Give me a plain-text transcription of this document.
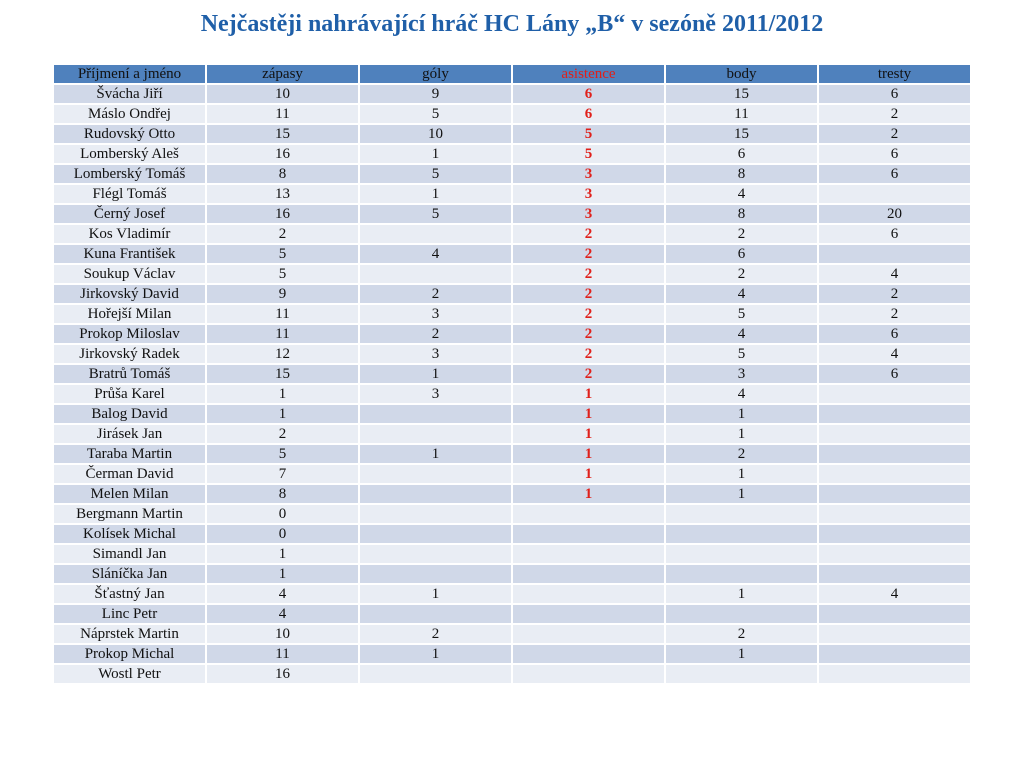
Nejčastěji nahrávající hráč HC Lány „B“ v sezóně 2011/2012
Příjmení a jméno	zápasy	góly	asistence	body	tresty
Švácha Jiří	10	9	6	15	6
Máslo Ondřej	11	5	6	11	2
Rudovský Otto	15	10	5	15	2
Lomberský Aleš	16	1	5	6	6
Lomberský Tomáš	8	5	3	8	6
Flégl Tomáš	13	1	3	4	
Černý Josef	16	5	3	8	20
Kos Vladimír	2		2	2	6
Kuna František	5	4	2	6	
Soukup Václav	5		2	2	4
Jirkovský David	9	2	2	4	2
Hořejší Milan	11	3	2	5	2
Prokop Miloslav	11	2	2	4	6
Jirkovský Radek	12	3	2	5	4
Bratrů Tomáš	15	1	2	3	6
Průša Karel	1	3	1	4	
Balog David	1		1	1	
Jirásek Jan	2		1	1	
Taraba Martin	5	1	1	2	
Čerman David	7		1	1	
Melen Milan	8		1	1	
Bergmann Martin	0				
Kolísek Michal	0				
Simandl Jan	1				
Sláníčka Jan	1				
Šťastný Jan	4	1		1	4
Linc Petr	4				
Náprstek Martin	10	2		2	
Prokop Michal	11	1		1	
Wostl Petr	16				
